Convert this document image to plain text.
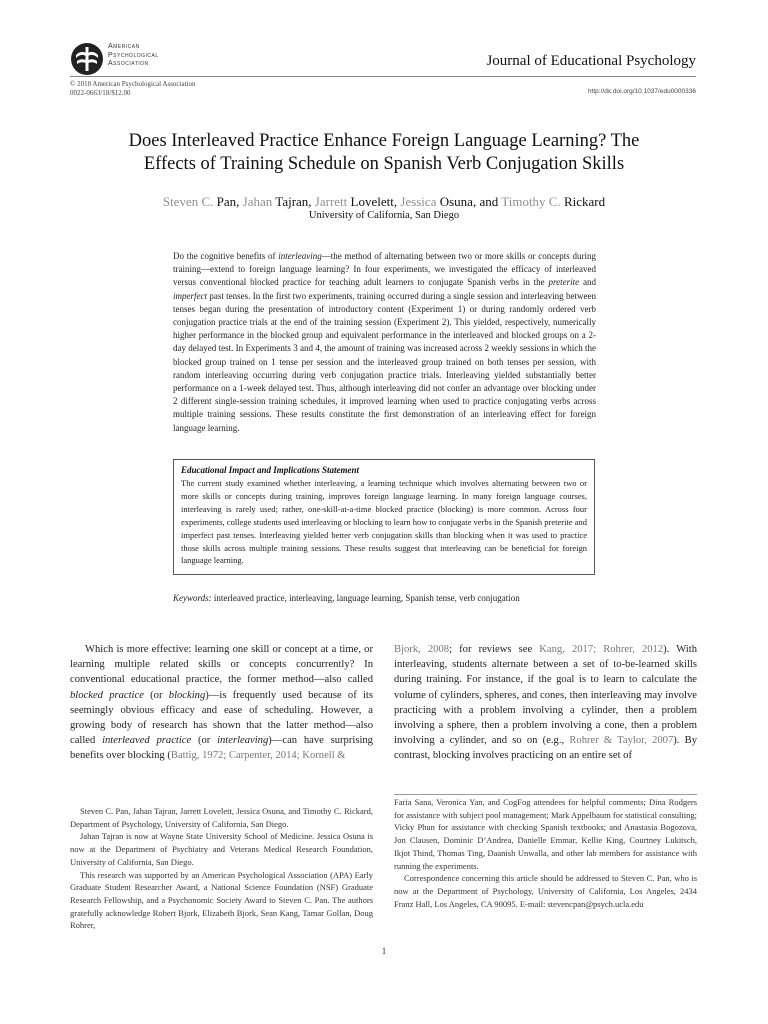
American
Psychological
Association	Journal of Educational Psychology
© 2018 American Psychological Association
0022-0663/18/$12.00	http://dx.doi.org/10.1037/edu0000336
Does Interleaved Practice Enhance Foreign Language Learning? The
Effects of Training Schedule on Spanish Verb Conjugation Skills
Steven C. Pan, Jahan Tajran, Jarrett Lovelett, Jessica Osuna, and Timothy C. Rickard
University of California, San Diego
Do the cognitive benefits of interleaving—the method of alternating between two or more skills or concepts during training—extend to foreign language learning? In four experiments, we investigated the efficacy of interleaved versus conventional blocked practice for teaching adult learners to conjugate Spanish verbs in the preterite and imperfect past tenses. In the first two experiments, training occurred during a single session and interleaving between tenses began during the presentation of introductory content (Experiment 1) or during randomly ordered verb conjugation practice trials at the end of the training session (Experiment 2). This yielded, respectively, numerically higher performance in the blocked group and equivalent performance in the interleaved and blocked groups on a 2-day delayed test. In Experiments 3 and 4, the amount of training was increased across 2 weekly sessions in which the blocked group trained on 1 tense per session and the interleaved group trained on both tenses per session, with random interleaving occurring during verb conjugation practice trials. Interleaving yielded substantially better performance on a 1-week delayed test. Thus, although interleaving did not confer an advantage over blocking under 2 different single-session training schedules, it improved learning when used to practice conjugating verbs across multiple training sessions. These results constitute the first demonstration of an interleaving effect for foreign language learning.
Educational Impact and Implications Statement
The current study examined whether interleaving, a learning technique which involves alternating between two or more skills or concepts during training, improves foreign language learning. In many foreign language courses, interleaving is rarely used; rather, one-skill-at-a-time blocked practice (blocking) is more common. Across four experiments, college students used interleaving or blocking to learn how to conjugate verbs in the Spanish preterite and imperfect past tenses. Interleaving yielded better verb conjugation skills than blocking when it was used to practice those skills across multiple training sessions. These results suggest that interleaving can be beneficial for foreign language learning.
Keywords: interleaved practice, interleaving, language learning, Spanish tense, verb conjugation
Which is more effective: learning one skill or concept at a time, or learning multiple related skills or concepts concurrently? In conventional educational practice, the former method—also called blocked practice (or blocking)—is frequently used because of its seemingly obvious efficacy and ease of scheduling. However, a growing body of research has shown that the latter method—also called interleaved practice (or interleaving)—can have surprising benefits over blocking (Battig, 1972; Carpenter, 2014; Kornell &
Bjork, 2008; for reviews see Kang, 2017; Rohrer, 2012). With interleaving, students alternate between a set of to-be-learned skills during training. For instance, if the goal is to learn to calculate the volume of cylinders, spheres, and cones, then interleaving may involve practicing with a problem involving a cylinder, then a problem involving a sphere, then a problem involving a cone, then a problem involving a cylinder, and so on (e.g., Rohrer & Taylor, 2007). By contrast, blocking involves practicing on an entire set of

Steven C. Pan, Jahan Tajran, Jarrett Lovelett, Jessica Osuna, and Timothy C. Rickard, Department of Psychology, University of California, San Diego.

Jahan Tajran is now at Wayne State University School of Medicine. Jessica Osuna is now at the Department of Psychiatry and Veterans Medical Research Foundation, University of California, San Diego.

This research was supported by an American Psychological Association (APA) Early Graduate Student Researcher Award, a National Science Foundation (NSF) Graduate Research Fellowship, and a Psychonomic Society Award to Steven C. Pan. The authors gratefully acknowledge Robert Bjork, Elizabeth Bjork, Sean Kang, Tamar Gollan, Doug Rohrer,

Faria Sana, Veronica Yan, and CogFog attendees for helpful comments; Dina Rodgers for assistance with subject pool management; Mark Appelbaum for statistical consulting; Vicky Phun for assistance with checking Spanish textbooks; and Anastasia Bogozova, Jon Clausen, Dominic D’Andrea, Danielle Emmar, Kellie King, Courtney Lukitsch, Ikjot Thind, Thomas Ting, Daanish Unwalla, and other lab members for assistance with running the experiments.

Correspondence concerning this article should be addressed to Steven C. Pan, who is now at the Department of Psychology, University of California, Los Angeles, 2434 Franz Hall, Los Angeles, CA 90095. E-mail: stevencpan@psych.ucla.edu

1
